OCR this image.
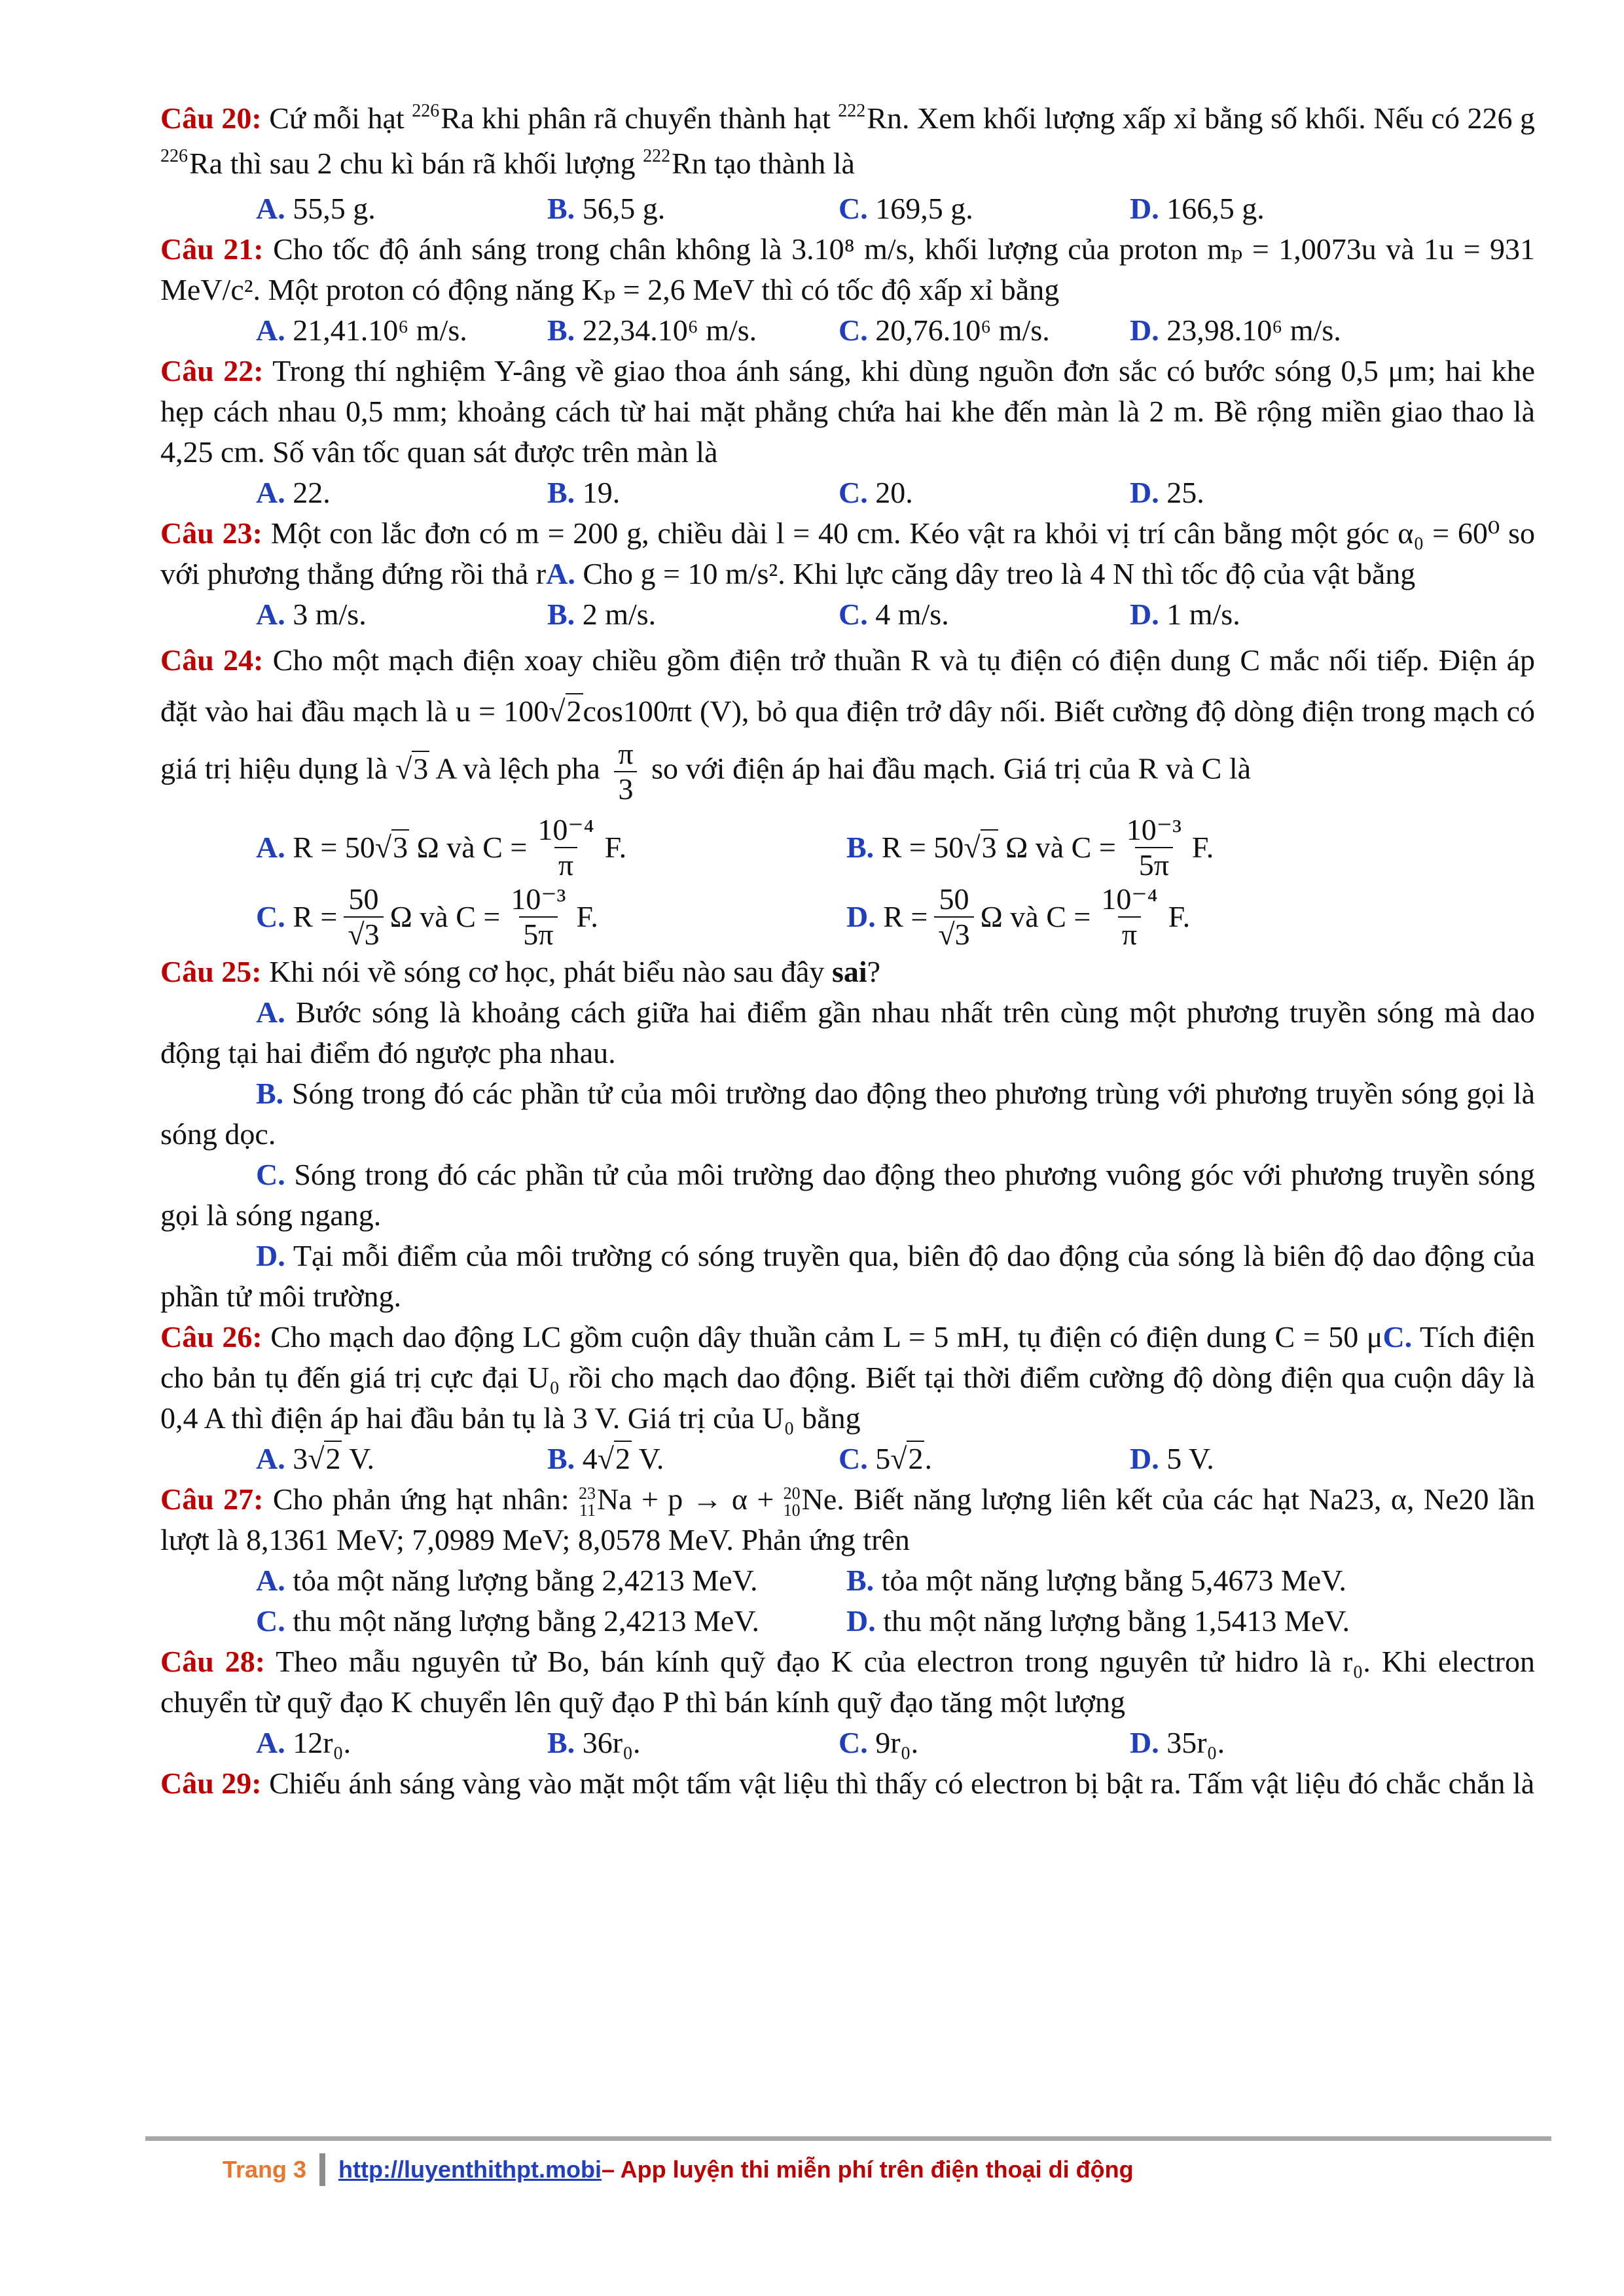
Câu 20: Cứ mỗi hạt 226Ra khi phân rã chuyển thành hạt 222Rn. Xem khối lượng xấp xỉ bằng số khối. Nếu có 226 g 226Ra thì sau 2 chu kì bán rã khối lượng 222Rn tạo thành là

A. 55,5 g.	B. 56,5 g.	C. 169,5 g.	D. 166,5 g.

Câu 21: Cho tốc độ ánh sáng trong chân không là 3.10⁸ m/s, khối lượng của proton mₚ = 1,0073u và 1u = 931 MeV/c². Một proton có động năng Kₚ = 2,6 MeV thì có tốc độ xấp xỉ bằng

A. 21,41.10⁶ m/s.	B. 22,34.10⁶ m/s.	C. 20,76.10⁶ m/s.	D. 23,98.10⁶ m/s.

Câu 22: Trong thí nghiệm Y-âng về giao thoa ánh sáng, khi dùng nguồn đơn sắc có bước sóng 0,5 μm; hai khe hẹp cách nhau 0,5 mm; khoảng cách từ hai mặt phẳng chứa hai khe đến màn là 2 m. Bề rộng miền giao thao là 4,25 cm. Số vân tốc quan sát được trên màn là

A. 22.	B. 19.	C. 20.	D. 25.

Câu 23: Một con lắc đơn có m = 200 g, chiều dài l = 40 cm. Kéo vật ra khỏi vị trí cân bằng một góc α₀ = 60⁰ so với phương thẳng đứng rồi thả rA. Cho g = 10 m/s². Khi lực căng dây treo là 4 N thì tốc độ của vật bằng

A. 3 m/s.	B. 2 m/s.	C. 4 m/s.	D. 1 m/s.

Câu 24: Cho một mạch điện xoay chiều gồm điện trở thuần R và tụ điện có điện dung C mắc nối tiếp. Điện áp đặt vào hai đầu mạch là u = 100√2cos100πt (V), bỏ qua điện trở dây nối. Biết cường độ dòng điện trong mạch có giá trị hiệu dụng là √3 A và lệch pha $\frac{\pi}{3}$ so với điện áp hai đầu mạch. Giá trị của R và C là

A.
R = 50 √3
Ω và
$C = \frac{\text{10⁻⁴}}{\pi} F$.	B.
R = 50 √3
Ω và
$C = \frac{\text{10⁻³}}{5\pi} F$.
C.
$R = \frac{50}{√3}$ Ω và
$C = \frac{\text{10⁻³}}{5\pi} F$.	D.
$R = \frac{50}{√3}$ Ω và
$C = \frac{\text{10⁻⁴}}{\pi} F$.

Câu 25: Khi nói về sóng cơ học, phát biểu nào sau đây sai?

A. Bước sóng là khoảng cách giữa hai điểm gần nhau nhất trên cùng một phương truyền sóng mà dao động tại hai điểm đó ngược pha nhau.

B. Sóng trong đó các phần tử của môi trường dao động theo phương trùng với phương truyền sóng gọi là sóng dọc.

C. Sóng trong đó các phần tử của môi trường dao động theo phương vuông góc với phương truyền sóng gọi là sóng ngang.

D. Tại mỗi điểm của môi trường có sóng truyền qua, biên độ dao động của sóng là biên độ dao động của phần tử môi trường.

Câu 26: Cho mạch dao động LC gồm cuộn dây thuần cảm L = 5 mH, tụ điện có điện dung C = 50 μC. Tích điện cho bản tụ đến giá trị cực đại U₀ rồi cho mạch dao động. Biết tại thời điểm cường độ dòng điện qua cuộn dây là 0,4 A thì điện áp hai đầu bản tụ là 3 V. Giá trị của U₀ bằng

A. 3√2 V.	B. 4√2 V.	C. 5√2.	D. 5 V.

Câu 27: Cho phản ứng hạt nhân: 23
11 Na + p → α + 20
10 Ne. Biết năng lượng liên kết của các hạt Na23, α, Ne20 lần lượt là 8,1361 MeV; 7,0989 MeV; 8,0578 MeV. Phản ứng trên

A. tỏa một năng lượng bằng 2,4213 MeV.	B. tỏa một năng lượng bằng 5,4673 MeV.
C. thu một năng lượng bằng 2,4213 MeV.	D. thu một năng lượng bằng 1,5413 MeV.

Câu 28: Theo mẫu nguyên tử Bo, bán kính quỹ đạo K của electron trong nguyên tử hidro là r₀. Khi electron chuyển từ quỹ đạo K chuyển lên quỹ đạo P thì bán kính quỹ đạo tăng một lượng

A. 12r₀.	B. 36r₀.	C. 9r₀.	D. 35r₀.

Câu 29: Chiếu ánh sáng vàng vào mặt một tấm vật liệu thì thấy có electron bị bật ra. Tấm vật liệu đó chắc chắn là

Trang 3 http://luyenthithpt.mobi – App luyện thi miễn phí trên điện thoại di động
